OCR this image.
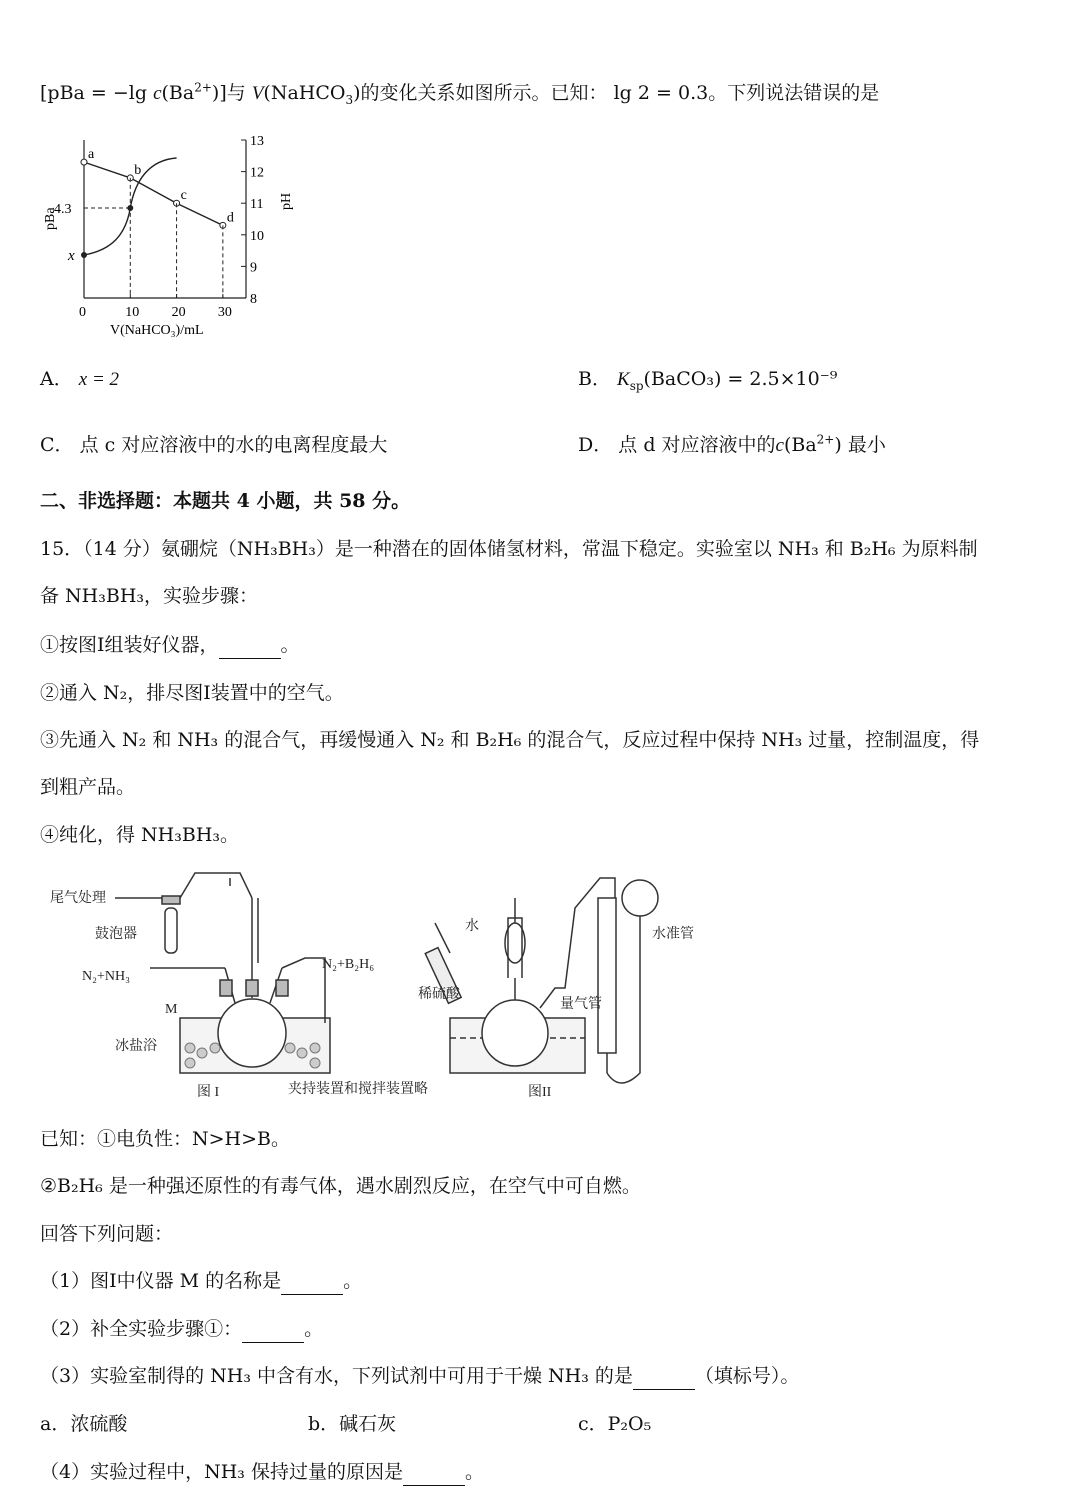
[pBa = −lg $c(Ba^{2+})$]与 V(NaHCO$_3$)的变化关系如图所示。已知： lg 2 = 0.3。下列说法错误的是
13
12
11
10
9
8
0	10 20 30
V(NaHCO₃)/mL
pBa
pH
a
b
c
d
x
4.3
A． x = 2	B． $K_{sp}(BaCO_3) = 2.5\times 10^{-9}$
C． 点 c 对应溶液中的水的电离程度最大	D． 点 d 对应溶液中的$c(Ba^{2+})$ 最小
二、非选择题：本题共 4 小题，共 58 分。
15．（14 分）氨硼烷（NH₃BH₃）是一种潜在的固体储氢材料，常温下稳定。实验室以 NH₃ 和 B₂H₆ 为原料制
备 NH₃BH₃，实验步骤：
①按图I组装好仪器，	。
②通入 N₂，排尽图I装置中的空气。
③先通入 N₂ 和 NH₃ 的混合气，再缓慢通入 N₂ 和 B₂H₆ 的混合气，反应过程中保持 NH₃ 过量，控制温度，得
到粗产品。
④纯化，得 NH₃BH₃。
尾气处理
鼓泡器
N₂+NH₃
N₂+B₂H₆
M
冰盐浴
图 I	夹持装置和搅拌装置略
水
稀硫酸
量气管
水准管
图II
已知：①电负性：N>H>B。
②B₂H₆ 是一种强还原性的有毒气体，遇水剧烈反应，在空气中可自燃。
回答下列问题：
（1）图I中仪器 M 的名称是	。
（2）补全实验步骤①：	。
（3）实验室制得的 NH₃ 中含有水，下列试剂中可用于干燥 NH₃ 的是	（填标号）。
a．浓硫酸	b．碱石灰	c．P₂O₅
（4）实验过程中，NH₃ 保持过量的原因是	。
